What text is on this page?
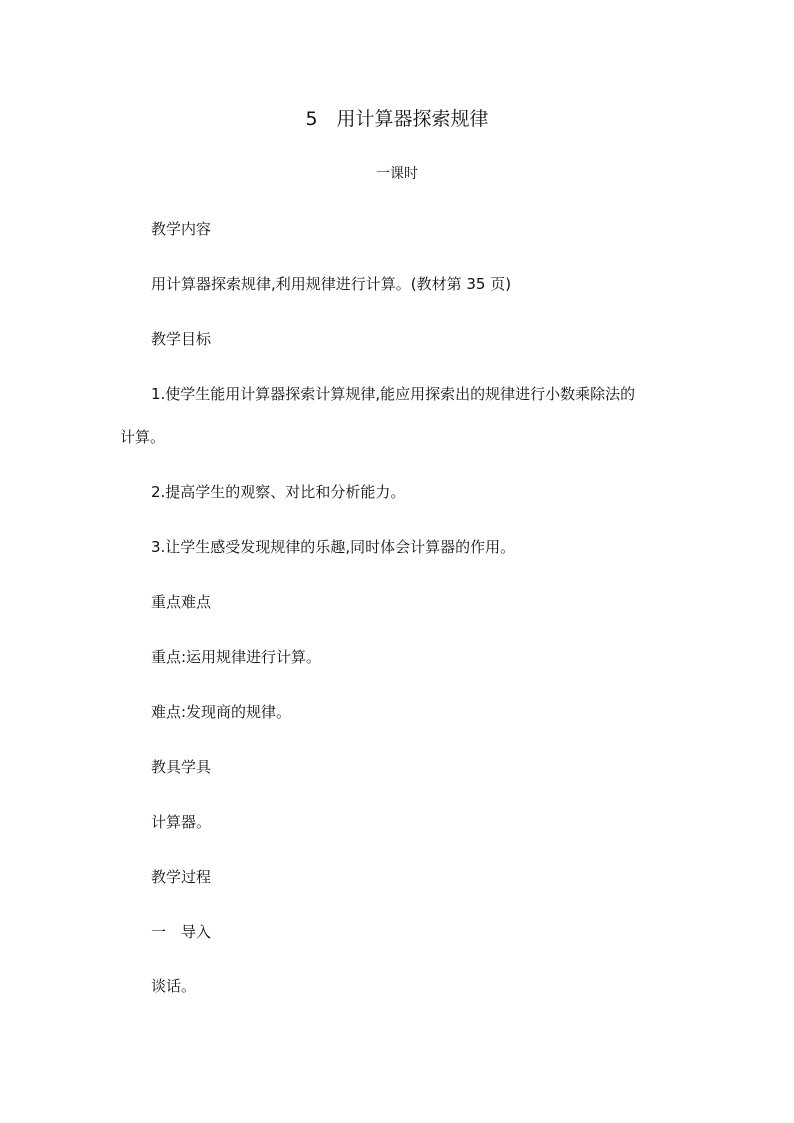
5　用计算器探索规律
一课时
教学内容
用计算器探索规律,利用规律进行计算。(教材第 35 页)
教学目标
1.使学生能用计算器探索计算规律,能应用探索出的规律进行小数乘除法的
计算。
2.提高学生的观察、对比和分析能力。
3.让学生感受发现规律的乐趣,同时体会计算器的作用。
重点难点
重点:运用规律进行计算。
难点:发现商的规律。
教具学具
计算器。
教学过程
一　导入
谈话。
